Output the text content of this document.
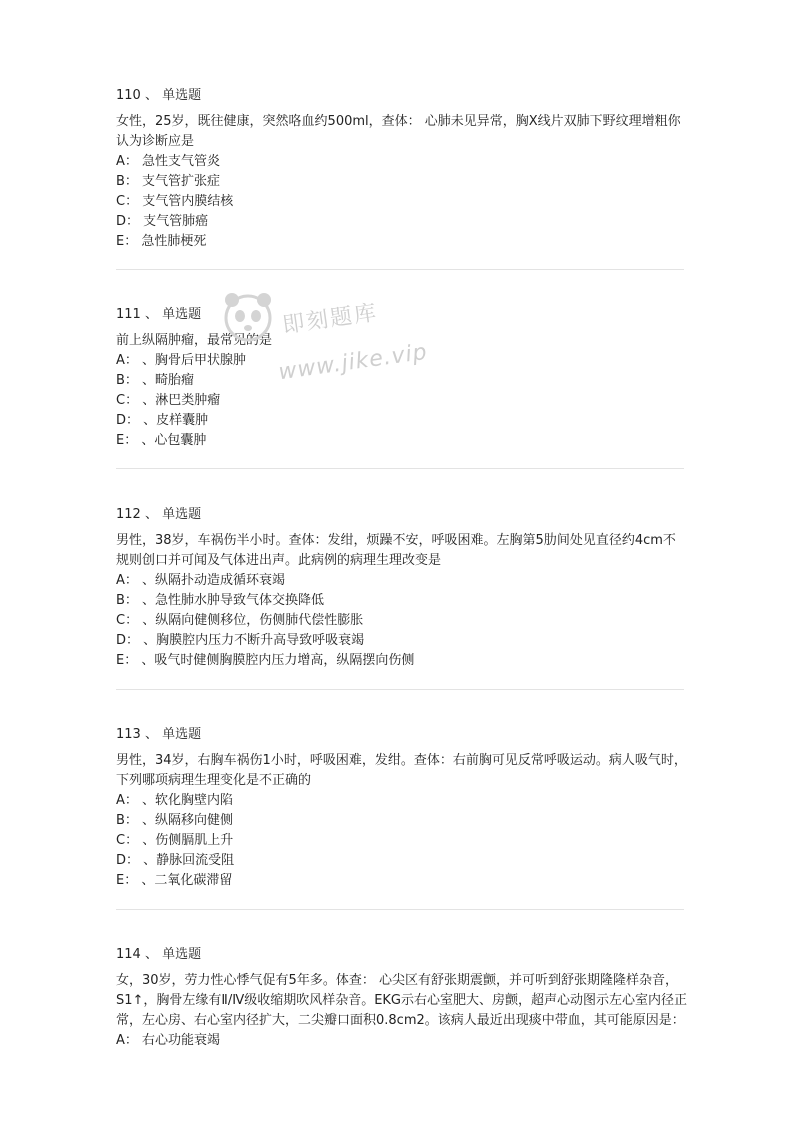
110 、 单选题

女性，25岁，既往健康，突然咯血约500ml，查体： 心肺未见异常，胸X线片双肺下野纹理增粗你认为诊断应是

A： 急性支气管炎
B： 支气管扩张症
C： 支气管内膜结核
D： 支气管肺癌
E： 急性肺梗死
111 、 单选题

前上纵隔肿瘤，最常见的是

A： 、胸骨后甲状腺肿
B： 、畸胎瘤
C： 、淋巴类肿瘤
D： 、皮样囊肿
E： 、心包囊肿
112 、 单选题

男性，38岁，车祸伤半小时。查体：发绀，烦躁不安，呼吸困难。左胸第5肋间处见直径约4cm不规则创口并可闻及气体进出声。此病例的病理生理改变是

A： 、纵隔扑动造成循环衰竭
B： 、急性肺水肿导致气体交换降低
C： 、纵隔向健侧移位，伤侧肺代偿性膨胀
D： 、胸膜腔内压力不断升高导致呼吸衰竭
E： 、吸气时健侧胸膜腔内压力增高，纵隔摆向伤侧
113 、 单选题

男性，34岁，右胸车祸伤1小时，呼吸困难，发绀。查体：右前胸可见反常呼吸运动。病人吸气时，下列哪项病理生理变化是不正确的

A： 、软化胸壁内陷
B： 、纵隔移向健侧
C： 、伤侧膈肌上升
D： 、静脉回流受阻
E： 、二氧化碳滞留
114 、 单选题

女，30岁，劳力性心悸气促有5年多。体查： 心尖区有舒张期震颤，并可听到舒张期隆隆样杂音，S1↑，胸骨左缘有Ⅱ/Ⅳ级收缩期吹风样杂音。EKG示右心室肥大、房颤，超声心动图示左心室内径正常，左心房、右心室内径扩大，二尖瓣口面积0.8cm2。该病人最近出现痰中带血，其可能原因是：

A： 右心功能衰竭
即刻题库
www.jike.vip
